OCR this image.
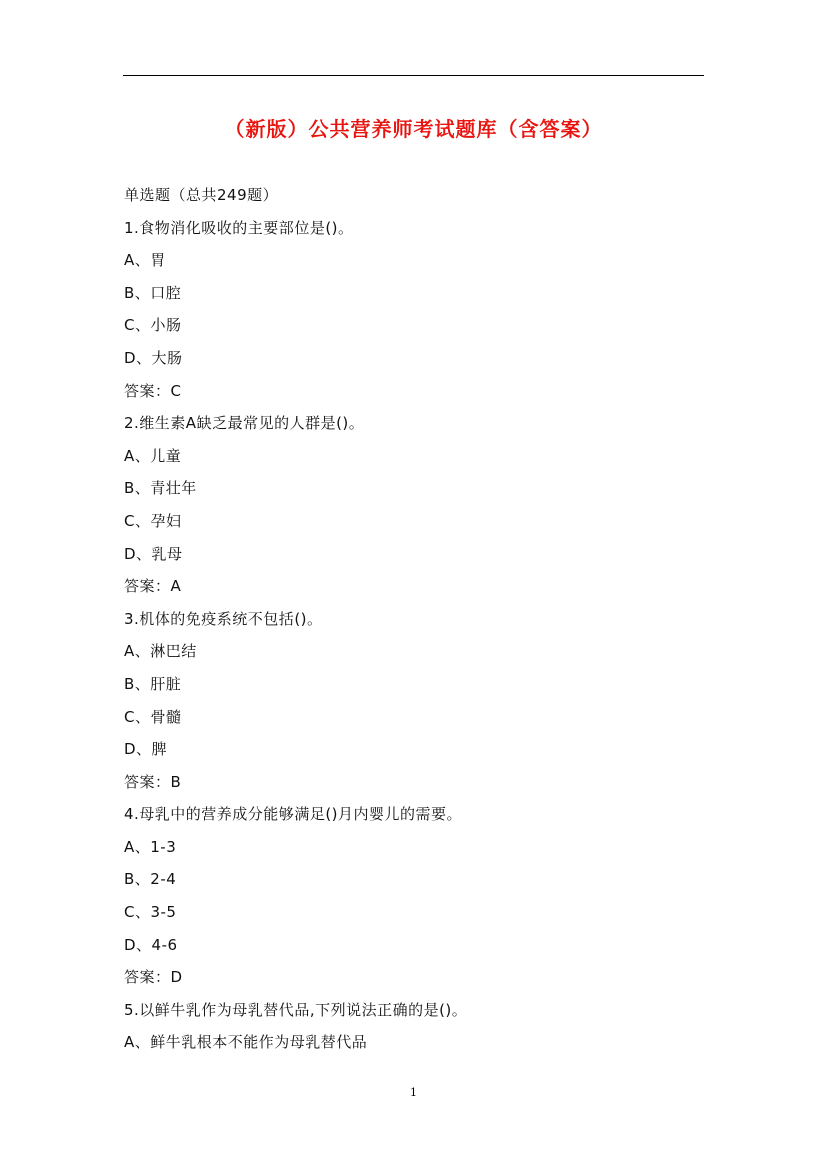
（新版）公共营养师考试题库（含答案）
单选题（总共249题）
1.食物消化吸收的主要部位是()。
A、胃
B、口腔
C、小肠
D、大肠
答案：C
2.维生素A缺乏最常见的人群是()。
A、儿童
B、青壮年
C、孕妇
D、乳母
答案：A
3.机体的免疫系统不包括()。
A、淋巴结
B、肝脏
C、骨髓
D、脾
答案：B
4.母乳中的营养成分能够满足()月内婴儿的需要。
A、1-3
B、2-4
C、3-5
D、4-6
答案：D
5.以鲜牛乳作为母乳替代品,下列说法正确的是()。
A、鲜牛乳根本不能作为母乳替代品
1
